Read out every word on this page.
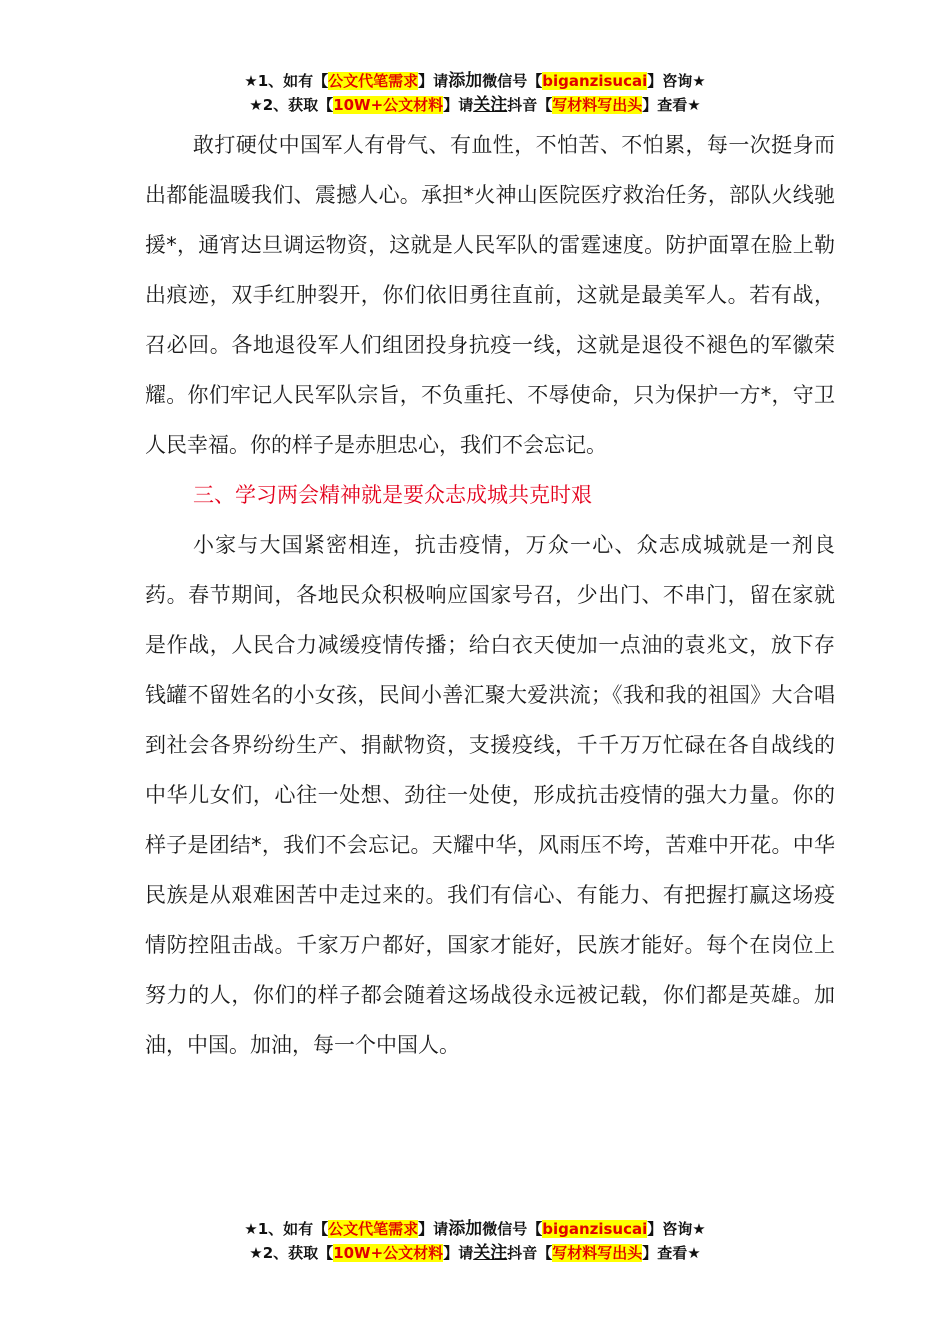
★1、如有【公文代笔需求】请添加微信号【biganzisucai】咨询★
★2、获取【10W+公文材料】请关注抖音【写材料写出头】查看★

敢打硬仗中国军人有骨气、有血性，不怕苦、不怕累，每一次挺身而出都能温暖我们、震撼人心。承担*火神山医院医疗救治任务，部队火线驰援*，通宵达旦调运物资，这就是人民军队的雷霆速度。防护面罩在脸上勒出痕迹，双手红肿裂开，你们依旧勇往直前，这就是最美军人。若有战，召必回。各地退役军人们组团投身抗疫一线，这就是退役不褪色的军徽荣耀。你们牢记人民军队宗旨，不负重托、不辱使命，只为保护一方*，守卫人民幸福。你的样子是赤胆忠心，我们不会忘记。

三、学习两会精神就是要众志成城共克时艰

小家与大国紧密相连，抗击疫情，万众一心、众志成城就是一剂良药。春节期间，各地民众积极响应国家号召，少出门、不串门，留在家就是作战，人民合力减缓疫情传播；给白衣天使加一点油的袁兆文，放下存钱罐不留姓名的小女孩，民间小善汇聚大爱洪流；《我和我的祖国》大合唱到社会各界纷纷生产、捐献物资，支援疫线，千千万万忙碌在各自战线的中华儿女们，心往一处想、劲往一处使，形成抗击疫情的强大力量。你的样子是团结*，我们不会忘记。天耀中华，风雨压不垮，苦难中开花。中华民族是从艰难困苦中走过来的。我们有信心、有能力、有把握打赢这场疫情防控阻击战。千家万户都好，国家才能好，民族才能好。每个在岗位上努力的人，你们的样子都会随着这场战役永远被记载，你们都是英雄。加油，中国。加油，每一个中国人。

★1、如有【公文代笔需求】请添加微信号【biganzisucai】咨询★
★2、获取【10W+公文材料】请关注抖音【写材料写出头】查看★
